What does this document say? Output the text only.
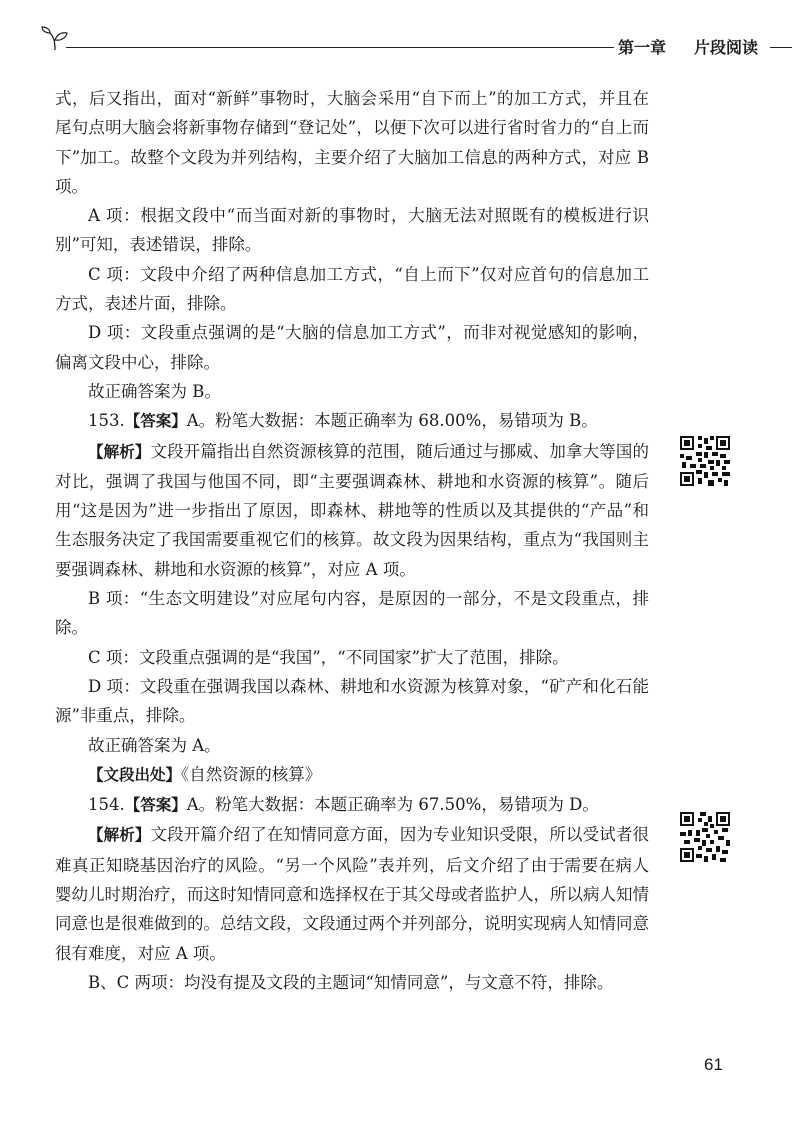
第一章 片段阅读

式，后又指出，面对“新鲜”事物时，大脑会采用“自下而上”的加工方式，并且在尾句点明大脑会将新事物存储到“登记处”，以便下次可以进行省时省力的“自上而下”加工。故整个文段为并列结构，主要介绍了大脑加工信息的两种方式，对应 B 项。

A 项：根据文段中“而当面对新的事物时，大脑无法对照既有的模板进行识别”可知，表述错误，排除。

C 项：文段中介绍了两种信息加工方式，“自上而下”仅对应首句的信息加工方式，表述片面，排除。

D 项：文段重点强调的是“大脑的信息加工方式”，而非对视觉感知的影响，偏离文段中心，排除。

故正确答案为 B。

153.【答案】A。粉笔大数据：本题正确率为 68.00%，易错项为 B。

【解析】文段开篇指出自然资源核算的范围，随后通过与挪威、加拿大等国的对比，强调了我国与他国不同，即“主要强调森林、耕地和水资源的核算”。随后用“这是因为”进一步指出了原因，即森林、耕地等的性质以及其提供的“产品”和生态服务决定了我国需要重视它们的核算。故文段为因果结构，重点为“我国则主要强调森林、耕地和水资源的核算”，对应 A 项。

B 项：“生态文明建设”对应尾句内容，是原因的一部分，不是文段重点，排除。

C 项：文段重点强调的是“我国”，“不同国家”扩大了范围，排除。

D 项：文段重在强调我国以森林、耕地和水资源为核算对象，“矿产和化石能源”非重点，排除。

故正确答案为 A。

【文段出处】《自然资源的核算》

154.【答案】A。粉笔大数据：本题正确率为 67.50%，易错项为 D。

【解析】文段开篇介绍了在知情同意方面，因为专业知识受限，所以受试者很难真正知晓基因治疗的风险。“另一个风险”表并列，后文介绍了由于需要在病人婴幼儿时期治疗，而这时知情同意和选择权在于其父母或者监护人，所以病人知情同意也是很难做到的。总结文段，文段通过两个并列部分，说明实现病人知情同意很有难度，对应 A 项。

B、C 两项：均没有提及文段的主题词“知情同意”，与文意不符，排除。

61
